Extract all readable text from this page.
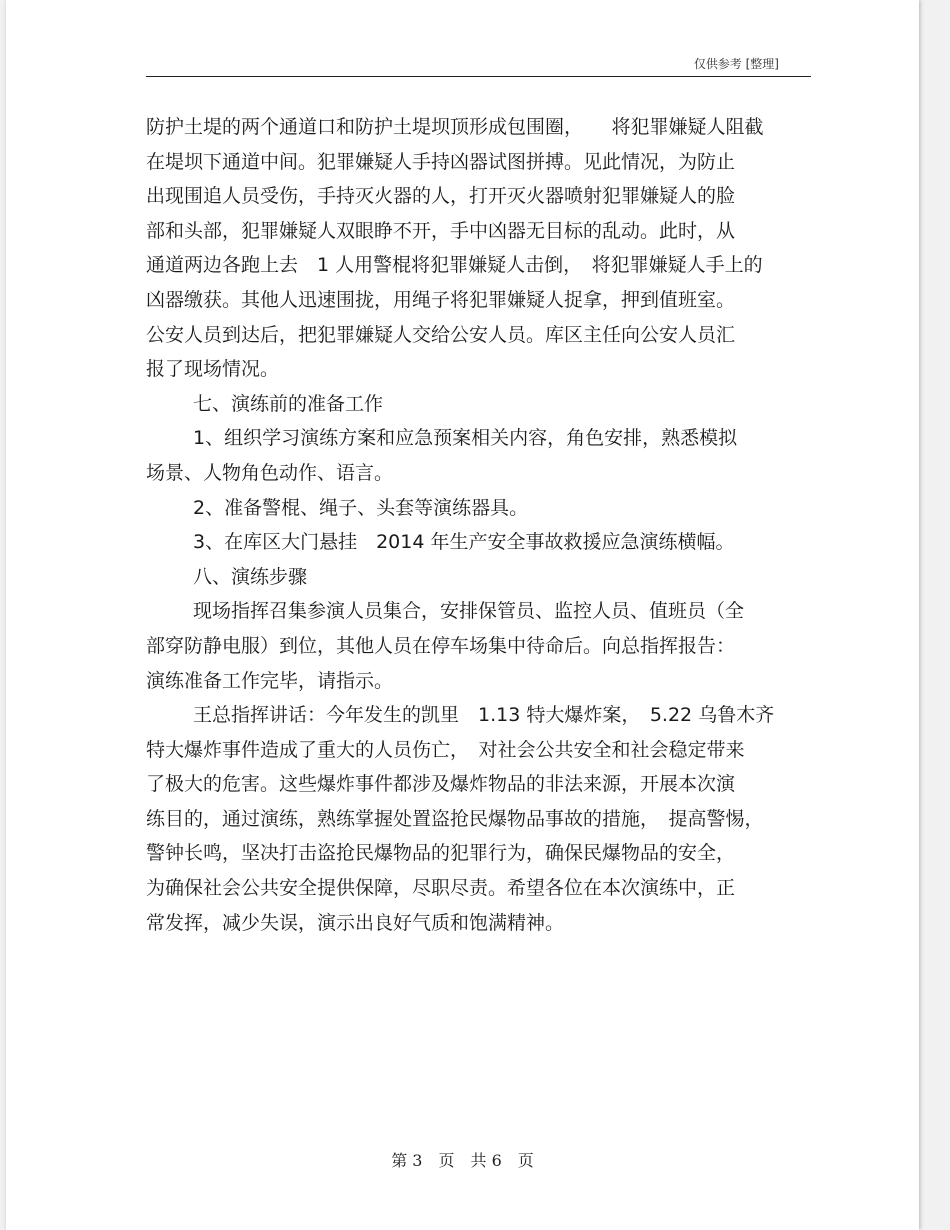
仅供参考 [整理]
防护土堤的两个通道口和防护土堤坝顶形成包围圈，　　将犯罪嫌疑人阻截
在堤坝下通道中间。犯罪嫌疑人手持凶器试图拼搏。见此情况，为防止
出现围追人员受伤，手持灭火器的人，打开灭火器喷射犯罪嫌疑人的脸
部和头部，犯罪嫌疑人双眼睁不开，手中凶器无目标的乱动。此时，从
通道两边各跑上去　1 人用警棍将犯罪嫌疑人击倒，　将犯罪嫌疑人手上的
凶器缴获。其他人迅速围拢，用绳子将犯罪嫌疑人捉拿，押到值班室。
公安人员到达后，把犯罪嫌疑人交给公安人员。库区主任向公安人员汇
报了现场情况。
七、演练前的准备工作
1、组织学习演练方案和应急预案相关内容，角色安排，熟悉模拟
场景、人物角色动作、语言。
2、准备警棍、绳子、头套等演练器具。
3、在库区大门悬挂　2014 年生产安全事故救援应急演练横幅。
八、演练步骤
现场指挥召集参演人员集合，安排保管员、监控人员、值班员（全
部穿防静电服）到位，其他人员在停车场集中待命后。向总指挥报告：
演练准备工作完毕，请指示。
王总指挥讲话：今年发生的凯里　1.13 特大爆炸案，　5.22 乌鲁木齐
特大爆炸事件造成了重大的人员伤亡，　对社会公共安全和社会稳定带来
了极大的危害。这些爆炸事件都涉及爆炸物品的非法来源，开展本次演
练目的，通过演练，熟练掌握处置盗抢民爆物品事故的措施，　提高警惕，
警钟长鸣，坚决打击盗抢民爆物品的犯罪行为，确保民爆物品的安全，
为确保社会公共安全提供保障，尽职尽责。希望各位在本次演练中，正
常发挥，减少失误，演示出良好气质和饱满精神。
第 3　页　共 6　页
